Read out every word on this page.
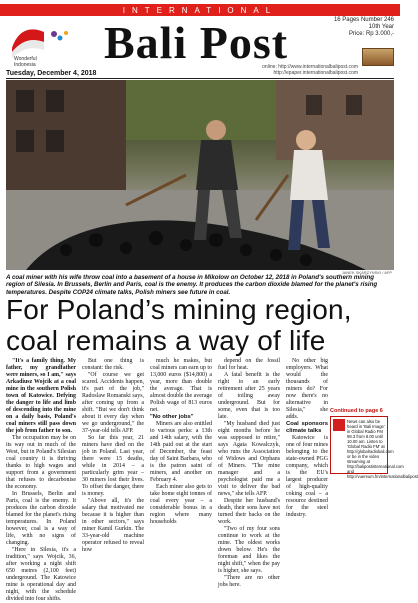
INTERNATIONAL
Wonderful
Indonesia Bali Post	16 Pages Number 246
10th Year
Price: Rp 3.000,-
online: http://www.internationalbalipost.com
http://epaper.internationalbalipost.com
Tuesday, December 4, 2018
JANEK SKARZYNSKI / AFP
A coal miner with his wife throw coal into a basement of a house in Mikolow on October 12, 2018 in Poland's southern mining region of Silesia. In Brussels, Berlin and Paris, coal is the enemy. It produces the carbon dioxide blamed for the planet's rising temperatures. Despite COP24 climate talks, Polish miners see future in coal.
For Poland’s mining region, coal remains a way of life

"It's a family thing. My father, my grandfather were miners, so I am," says Arkadiusz Wojcik at a coal mine in the southern Polish town of Katowice. Defying the danger to life and limb of descending into the mine on a daily basis, Poland's coal miners still pass down the job from father to son.

The occupation may be on its way out in much of the West, but in Poland's Silesian coal country it is thriving thanks to high wages and support from a government that refuses to decarbonise the economy.

In Brussels, Berlin and Paris, coal is the enemy. It produces the carbon dioxide blamed for the planet's rising temperatures. In Poland however, coal is a way of life, with no signs of changing.

"Here in Silesia, it's a tradition," says Wojcik, 36, after working a night shift 650 metres (2,100 feet) underground. The Katowice mine is operational day and night, with the schedule divided into four shifts.

But one thing is constant: the risk.

"Of course we get scared. Accidents happen, it's part of the job," Radoslaw Romanski says, after coming up from a shift. "But we don't think about it every day when we go underground," the 37-year-old tells AFP.

So far this year, 21 miners have died on the job in Poland. Last year, there were 15 deaths, while in 2014 – a particularly grim year – 30 miners lost their lives. To offset the danger, there is money.

"Above all, it's the salary that motivated me because it is higher than in other sectors," says miner Kamil Gurkin. The 33-year-old machine operator refused to reveal how

much he makes, but coal miners can earn up to 13,000 euros ($14,800) a year, more than double the average. That is almost double the average Polish wage of 813 euros net.

"No other jobs"

Miners are also entitled to various perks: a 13th and 14th salary, with the 14th paid out at the start of December, the feast day of Saint Barbara, who is the patron saint of miners, and another on February 4.

Each miner also gets to take home eight tonnes of coal every year – a considerable bonus in a region where many households

depend on the fossil fuel for heat.

A fatal benefit is the right to an early retirement after 25 years of toiling away underground. But for some, even that is too late.

"My husband died just eight months before he was supposed to retire," says Agata Kowalczyk, who runs the Association of Widows and Orphans of Miners. "The mine manager and a psychologist paid me a visit to deliver the bad news," she tells AFP.

Despite her husband's death, their sons have not turned their backs on the work.

"Two of my four sons continue to work at the mine. The oldest works down below. He's the foreman and likes the night shift," when the pay is higher, she says.

"There are no other jobs here.

No other big employers. What would the thousands of miners do? For now there's no alternative in Silesia," she adds.

Coal sponsors climate talks

Katowice is one of four mines belonging to the state-owned PGG company, which is the EU's largest producer of high-quality coking coal – a resource destined for the steel industry.

Continued to page 6
News can also be heard in 'Bali Image' in Global Radio FM 98.3 from 8.00 until 10.00 am. Listen to 'Global Radio FM' at http://globalradiobali.com or be in the video streaming at http://balipostinternational.com and http://vuereum.fm/internationalbalipost
